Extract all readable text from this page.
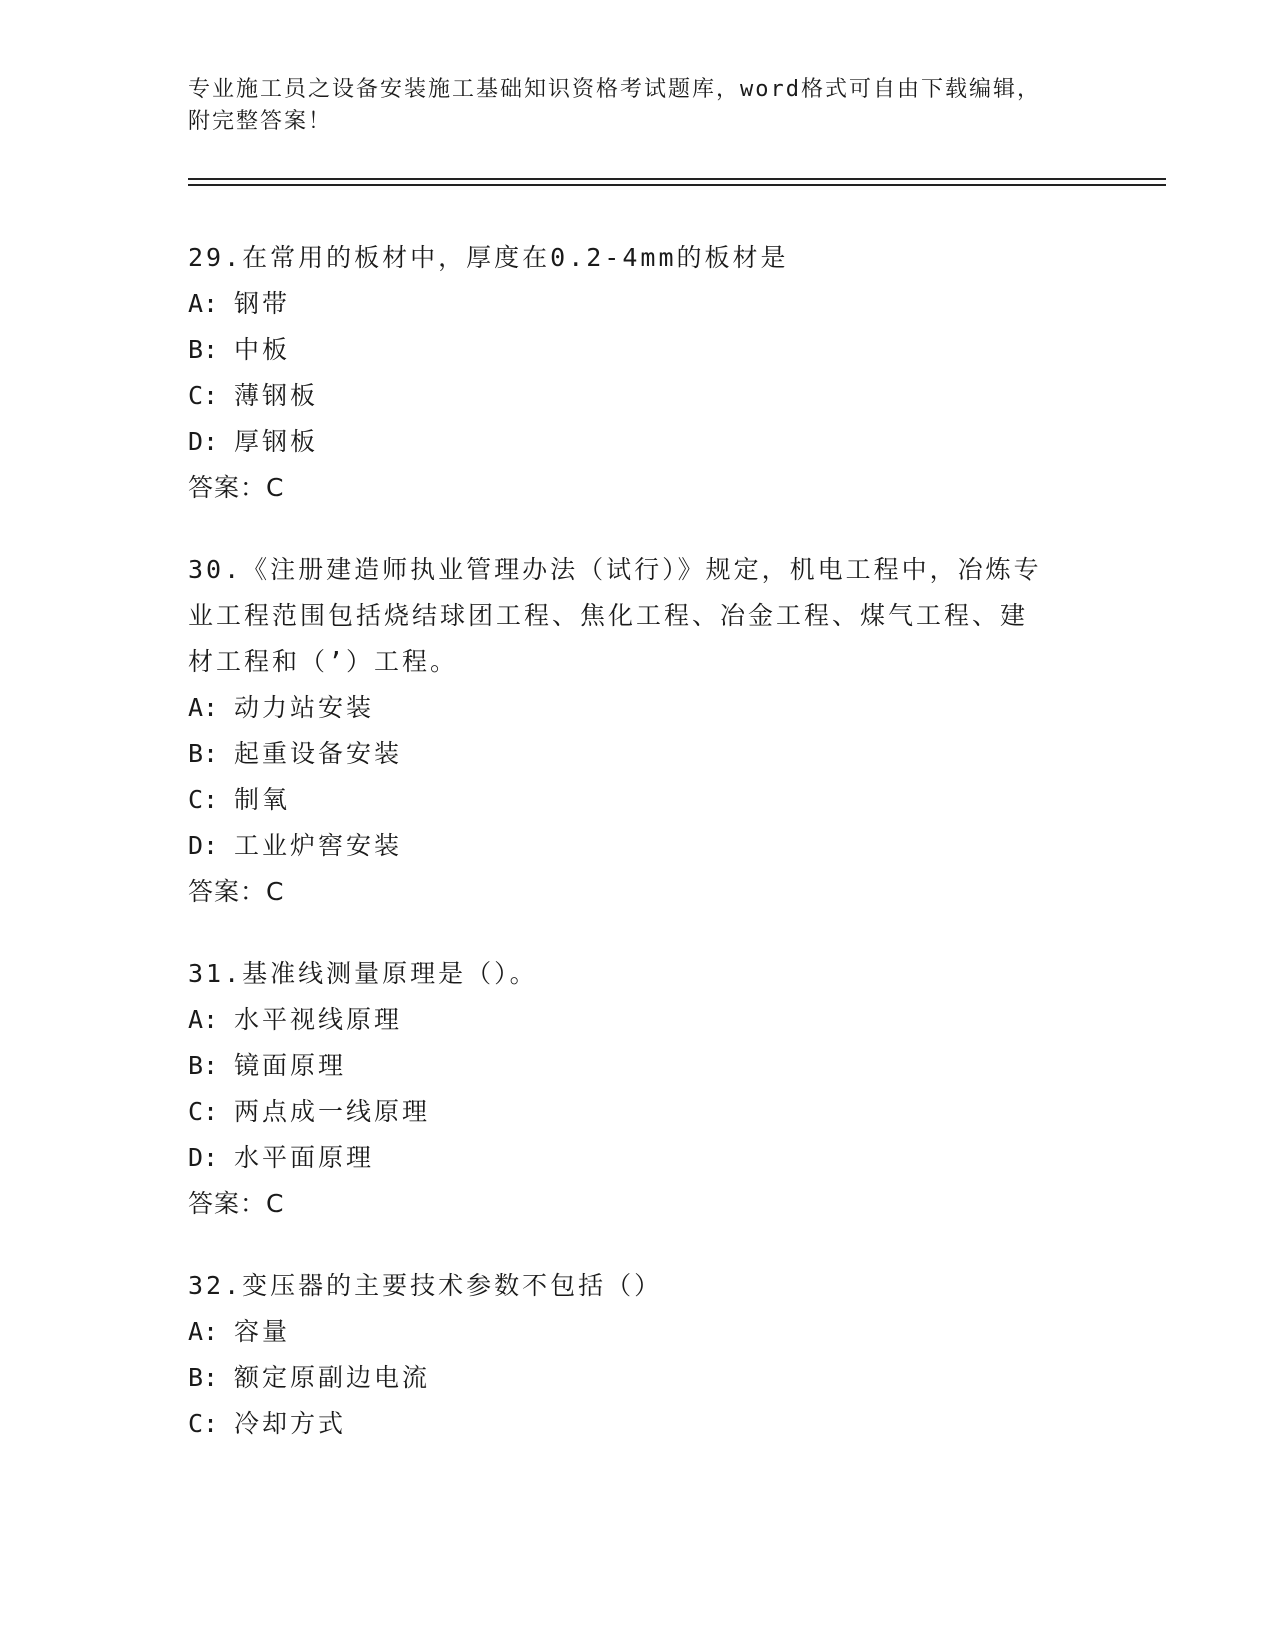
专业施工员之设备安装施工基础知识资格考试题库，word格式可自由下载编辑，
附完整答案！
29.在常用的板材中，厚度在0.2-4mm的板材是
A: 钢带
B: 中板
C: 薄钢板
D: 厚钢板
答案：C
30.《注册建造师执业管理办法（试行）》规定，机电工程中，冶炼专
业工程范围包括烧结球团工程、焦化工程、冶金工程、煤气工程、建
材工程和（’）工程。
A: 动力站安装
B: 起重设备安装
C: 制氧
D: 工业炉窖安装
答案：C
31.基准线测量原理是（）。
A: 水平视线原理
B: 镜面原理
C: 两点成一线原理
D: 水平面原理
答案：C
32.变压器的主要技术参数不包括（）
A: 容量
B: 额定原副边电流
C: 冷却方式
